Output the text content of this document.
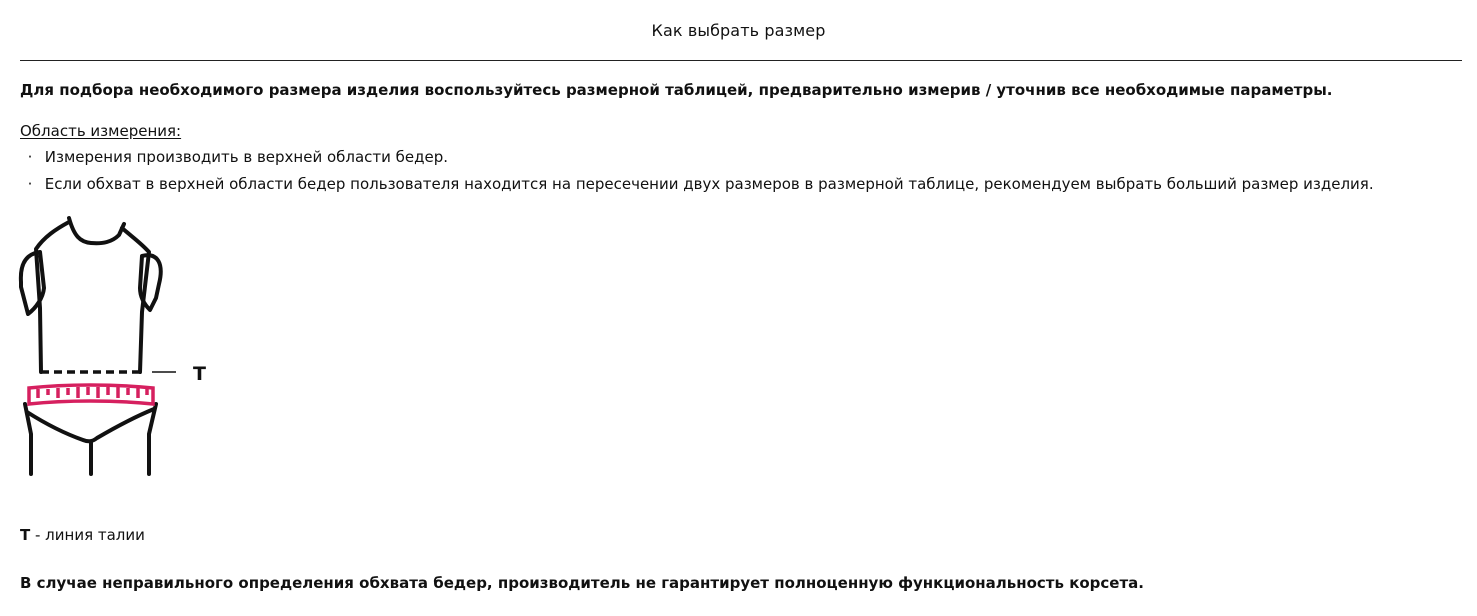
Как выбрать размер
Для подбора необходимого размера изделия воспользуйтесь размерной таблицей, предварительно измерив / уточнив все необходимые параметры.
Область измерения:
· Измерения производить в верхней области бедер.
· Если обхват в верхней области бедер пользователя находится на пересечении двух размеров в размерной таблице, рекомендуем выбрать больший размер изделия.
Т
Т - линия талии
В случае неправильного определения обхвата бедер, производитель не гарантирует полноценную функциональность корсета.
